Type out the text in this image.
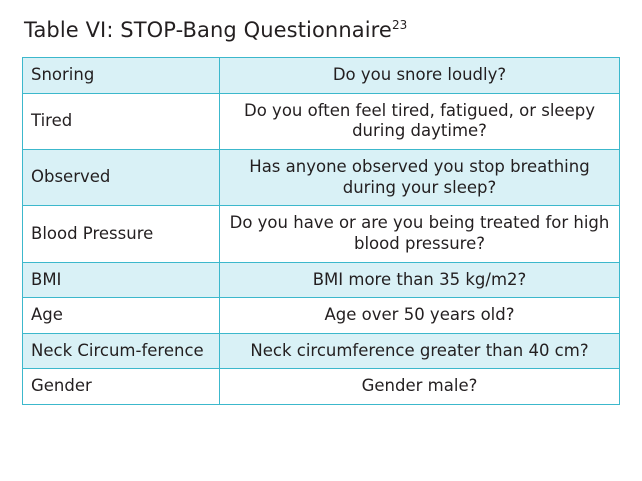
Table VI: STOP-Bang Questionnaire$^{23}$
Snoring	Do you snore loudly?
Tired	Do you often feel tired, fatigued, or sleepy during daytime?
Observed	Has anyone observed you stop breathing during your sleep?
Blood Pressure	Do you have or are you being treated for high blood pressure?
BMI	BMI more than 35 kg/m2?
Age	Age over 50 years old?
Neck Circum-ference	Neck circumference greater than 40 cm?
Gender	Gender male?
